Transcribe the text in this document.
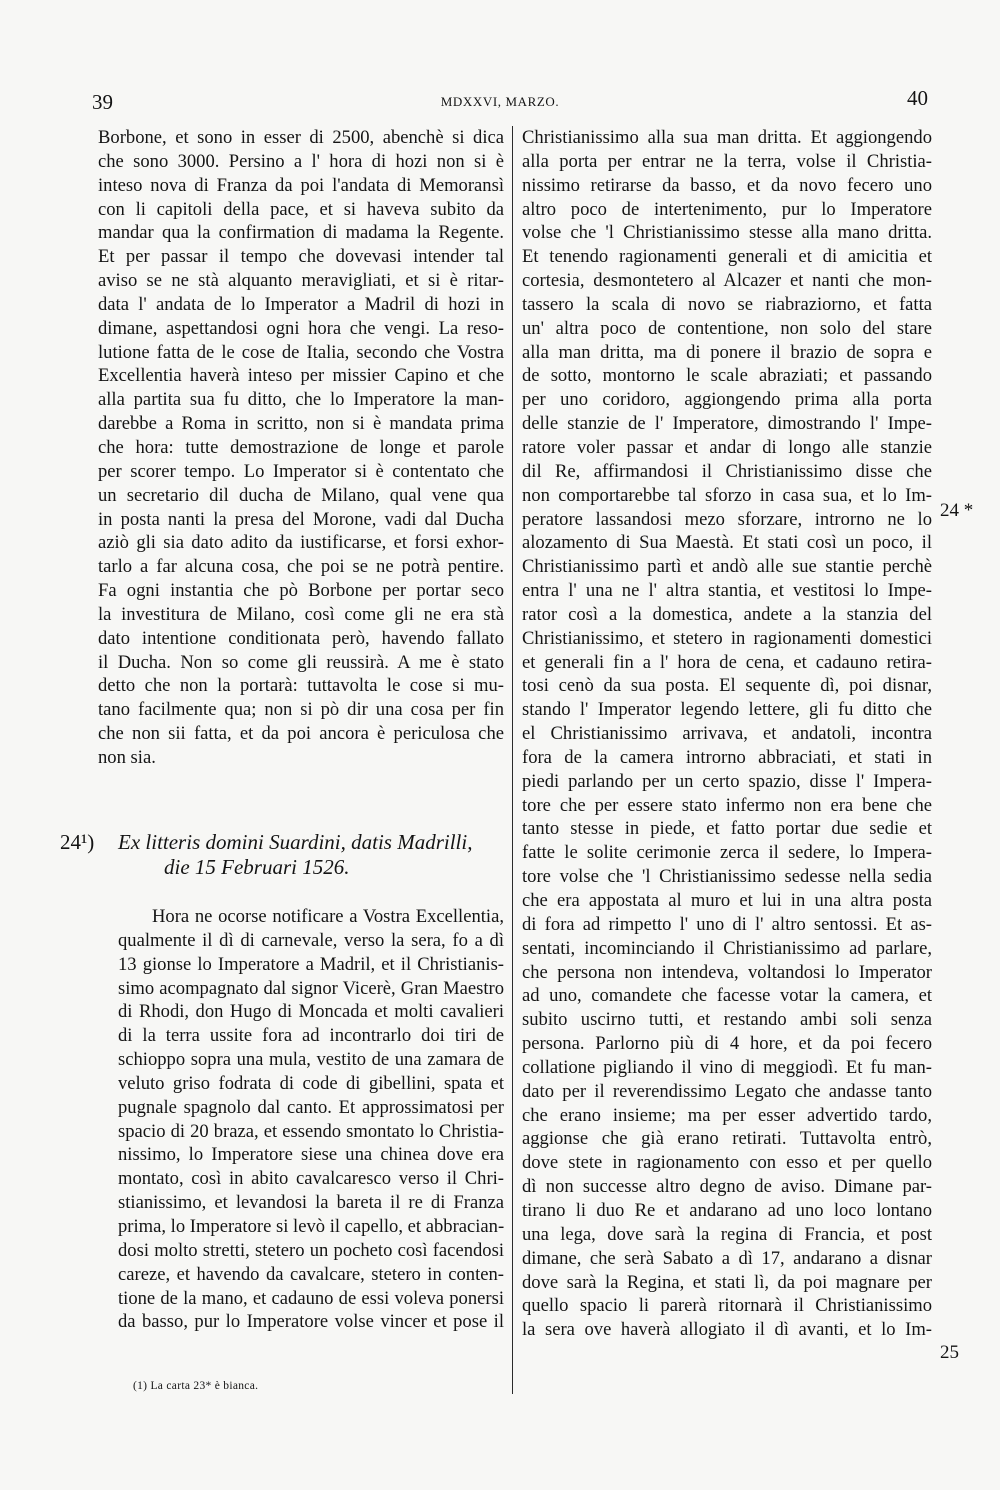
39	MDXXVI, MARZO.	40
Borbone, et sono in esser di 2500, abenchè si dica
che sono 3000. Persino a l' hora di hozi non si è
inteso nova di Franza da poi l'andata di Memoransì
con li capitoli della pace, et si haveva subito da
mandar qua la confirmation di madama la Regente.
Et per passar il tempo che dovevasi intender tal
aviso se ne stà alquanto meravigliati, et si è ritar-
data l' andata de lo Imperator a Madril di hozi in
dimane, aspettandosi ogni hora che vengi. La reso-
lutione fatta de le cose de Italia, secondo che Vostra
Excellentia haverà inteso per missier Capino et che
alla partita sua fu ditto, che lo Imperatore la man-
darebbe a Roma in scritto, non si è mandata prima
che hora: tutte demostrazione de longe et parole
per scorer tempo. Lo Imperator si è contentato che
un secretario dil ducha de Milano, qual vene qua
in posta nanti la presa del Morone, vadi dal Ducha
aziò gli sia dato adito da iustificarse, et forsi exhor-
tarlo a far alcuna cosa, che poi se ne potrà pentire.
Fa ogni instantia che pò Borbone per portar seco
la investitura de Milano, così come gli ne era stà
dato intentione conditionata però, havendo fallato
il Ducha. Non so come gli reussirà. A me è stato
detto che non la portarà: tuttavolta le cose si mu-
tano facilmente qua; non si pò dir una cosa per fin
che non sii fatta, et da poi ancora è periculosa che
non sia.
24¹) Ex litteris domini Suardini, datis Madrilli,
die 15 Februari 1526.
Hora ne ocorse notificare a Vostra Excellentia,
qualmente il dì di carnevale, verso la sera, fo a dì
13 gionse lo Imperatore a Madril, et il Christianis-
simo acompagnato dal signor Vicerè, Gran Maestro
di Rhodi, don Hugo di Moncada et molti cavalieri
di la terra ussite fora ad incontrarlo doi tiri de
schioppo sopra una mula, vestito de una zamara de
veluto griso fodrata di code di gibellini, spata et
pugnale spagnolo dal canto. Et approssimatosi per
spacio di 20 braza, et essendo smontato lo Christia-
nissimo, lo Imperatore siese una chinea dove era
montato, così in abito cavalcaresco verso il Chri-
stianissimo, et levandosi la bareta il re di Franza
prima, lo Imperatore si levò il capello, et abbracian-
dosi molto stretti, stetero un pocheto così facendosi
careze, et havendo da cavalcare, stetero in conten-
tione de la mano, et cadauno de essi voleva ponersi
da basso, pur lo Imperatore volse vincer et pose il
(1) La carta 23* è bianca.
Christianissimo alla sua man dritta. Et aggiongendo
alla porta per entrar ne la terra, volse il Christia-
nissimo retirarse da basso, et da novo fecero uno
altro poco de intertenimento, pur lo Imperatore
volse che 'l Christianissimo stesse alla mano dritta.
Et tenendo ragionamenti generali et di amicitia et
cortesia, desmontetero al Alcazer et nanti che mon-
tassero la scala di novo se riabraziorno, et fatta
un' altra poco de contentione, non solo del stare
alla man dritta, ma di ponere il brazio de sopra e
de sotto, montorno le scale abraziati; et passando
per uno coridoro, aggiongendo prima alla porta
delle stanzie de l' Imperatore, dimostrando l' Impe-
ratore voler passar et andar di longo alle stanzie
dil Re, affirmandosi il Christianissimo disse che
non comportarebbe tal sforzo in casa sua, et lo Im-
peratore lassandosi mezo sforzare, introrno ne lo
alozamento di Sua Maestà. Et stati così un poco, il
Christianissimo partì et andò alle sue stantie perchè
entra l' una ne l' altra stantia, et vestitosi lo Impe-
rator così a la domestica, andete a la stanzia del
Christianissimo, et stetero in ragionamenti domestici
et generali fin a l' hora de cena, et cadauno retira-
tosi cenò da sua posta. El sequente dì, poi disnar,
stando l' Imperator legendo lettere, gli fu ditto che
el Christianissimo arrivava, et andatoli, incontra
fora de la camera introrno abbraciati, et stati in
piedi parlando per un certo spazio, disse l' Impera-
tore che per essere stato infermo non era bene che
tanto stesse in piede, et fatto portar due sedie et
fatte le solite cerimonie zerca il sedere, lo Impera-
tore volse che 'l Christianissimo sedesse nella sedia
che era appostata al muro et lui in una altra posta
di fora ad rimpetto l' uno di l' altro sentossi. Et as-
sentati, incominciando il Christianissimo ad parlare,
che persona non intendeva, voltandosi lo Imperator
ad uno, comandete che facesse votar la camera, et
subito uscirno tutti, et restando ambi soli senza
persona. Parlorno più di 4 hore, et da poi fecero
collatione pigliando il vino di meggiodì. Et fu man-
dato per il reverendissimo Legato che andasse tanto
che erano insieme; ma per esser advertido tardo,
aggionse che già erano retirati. Tuttavolta entrò,
dove stete in ragionamento con esso et per quello
dì non successe altro degno de aviso. Dimane par-
tirano li duo Re et andarano ad uno loco lontano
una lega, dove sarà la regina di Francia, et post
dimane, che serà Sabato a dì 17, andarano a disnar
dove sarà la Regina, et stati lì, da poi magnare per
quello spacio li parerà ritornarà il Christianissimo
la sera ove haverà allogiato il dì avanti, et lo Im-
24 *
25
